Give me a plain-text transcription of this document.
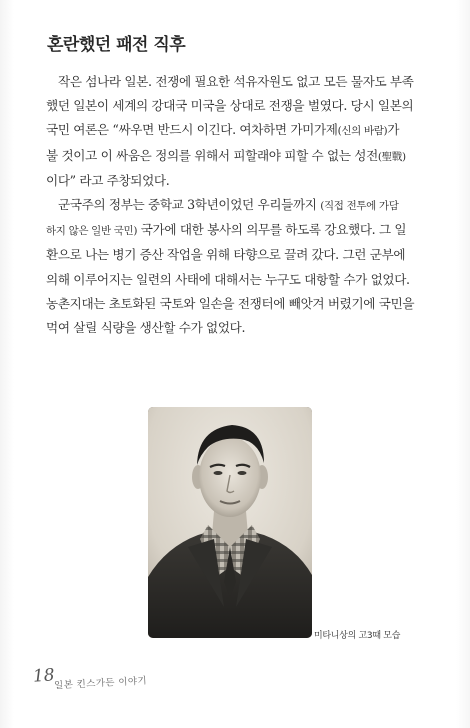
혼란했던 패전 직후

작은 섬나라 일본. 전쟁에 필요한 석유자원도 없고 모든 물자도 부족
했던 일본이 세계의 강대국 미국을 상대로 전쟁을 벌였다. 당시 일본의
국민 여론은 “싸우면 반드시 이긴다. 여차하면 가미가제(신의 바람)가
불 것이고 이 싸움은 정의를 위해서 피할래야 피할 수 없는 성전(聖戰)
이다” 라고 주창되었다.

군국주의 정부는 중학교 3학년이었던 우리들까지 (직접 전투에 가담
하지 않은 일반 국민) 국가에 대한 봉사의 의무를 하도록 강요했다. 그 일
환으로 나는 병기 증산 작업을 위해 타향으로 끌려 갔다. 그런 군부에
의해 이루어지는 일련의 사태에 대해서는 누구도 대항할 수가 없었다.
농촌지대는 초토화된 국토와 일손을 전쟁터에 빼앗겨 버렸기에 국민을
먹여 살릴 식량을 생산할 수가 없었다.

미타니상의 고3때 모습
18
일본 킨스가든 이야기
